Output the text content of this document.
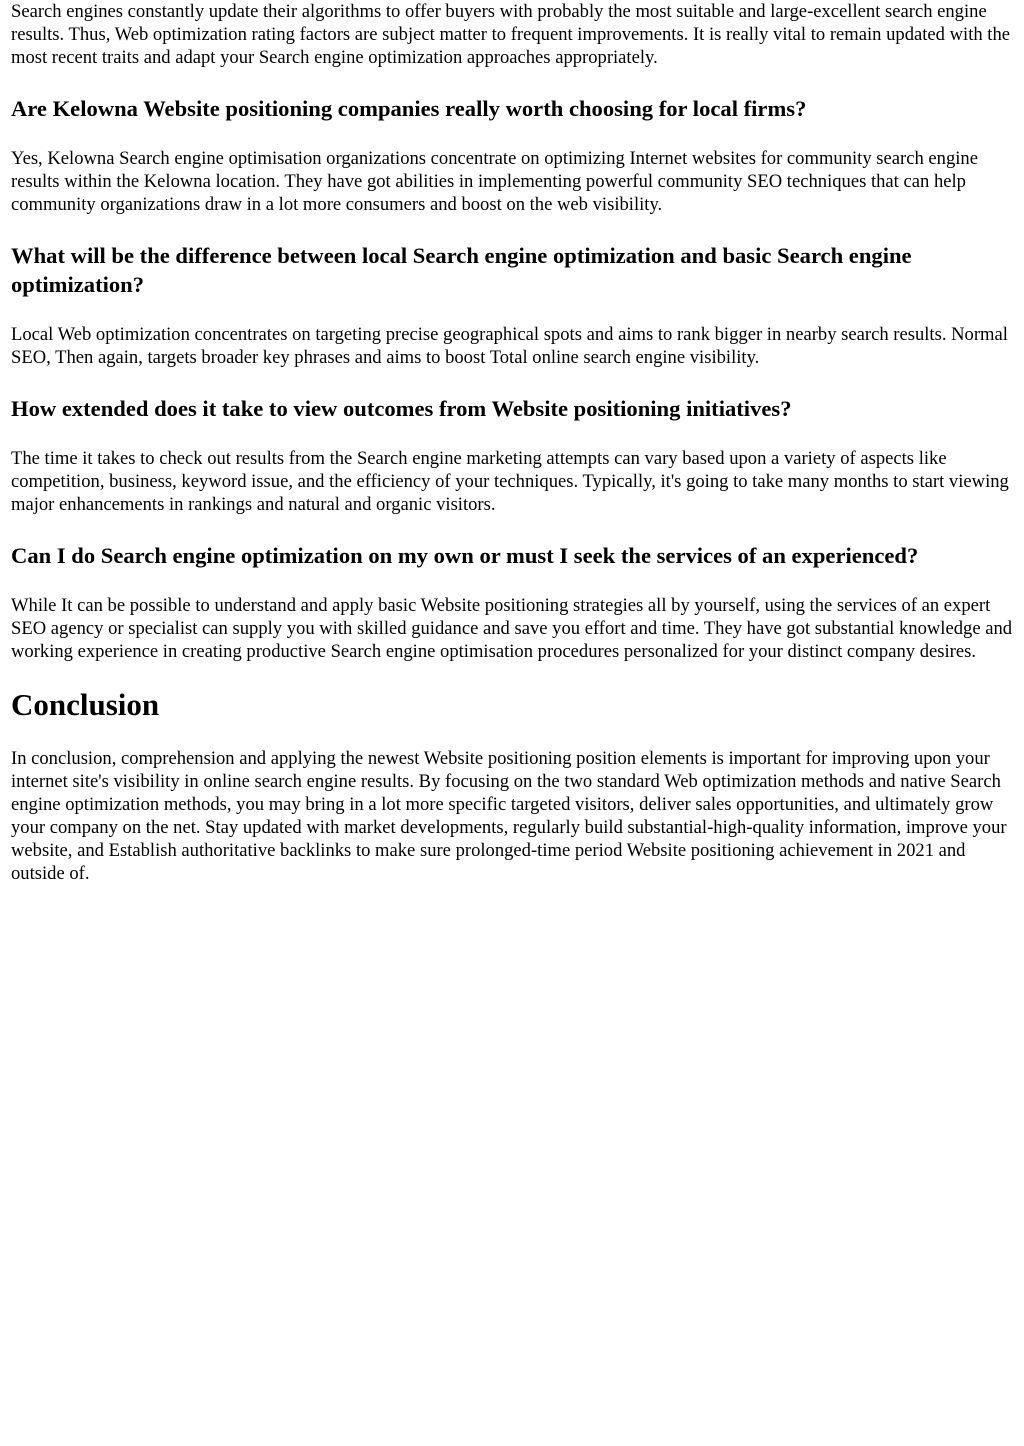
Search engines constantly update their algorithms to offer buyers with probably the most suitable and large-excellent search engine results. Thus, Web optimization rating factors are subject matter to frequent improvements. It is really vital to remain updated with the most recent traits and adapt your Search engine optimization approaches appropriately.

Are Kelowna Website positioning companies really worth choosing for local firms?

Yes, Kelowna Search engine optimisation organizations concentrate on optimizing Internet websites for community search engine results within the Kelowna location. They have got abilities in implementing powerful community SEO techniques that can help community organizations draw in a lot more consumers and boost on the web visibility.

What will be the difference between local Search engine optimization and basic Search engine optimization?

Local Web optimization concentrates on targeting precise geographical spots and aims to rank bigger in nearby search results. Normal SEO, Then again, targets broader key phrases and aims to boost Total online search engine visibility.

How extended does it take to view outcomes from Website positioning initiatives?

The time it takes to check out results from the Search engine marketing attempts can vary based upon a variety of aspects like competition, business, keyword issue, and the efficiency of your techniques. Typically, it's going to take many months to start viewing major enhancements in rankings and natural and organic visitors.

Can I do Search engine optimization on my own or must I seek the services of an experienced?

While It can be possible to understand and apply basic Website positioning strategies all by yourself, using the services of an expert SEO agency or specialist can supply you with skilled guidance and save you effort and time. They have got substantial knowledge and working experience in creating productive Search engine optimisation procedures personalized for your distinct company desires.

Conclusion

In conclusion, comprehension and applying the newest Website positioning position elements is important for improving upon your internet site's visibility in online search engine results. By focusing on the two standard Web optimization methods and native Search engine optimization methods, you may bring in a lot more specific targeted visitors, deliver sales opportunities, and ultimately grow your company on the net. Stay updated with market developments, regularly build substantial-high-quality information, improve your website, and Establish authoritative backlinks to make sure prolonged-time period Website positioning achievement in 2021 and outside of.
